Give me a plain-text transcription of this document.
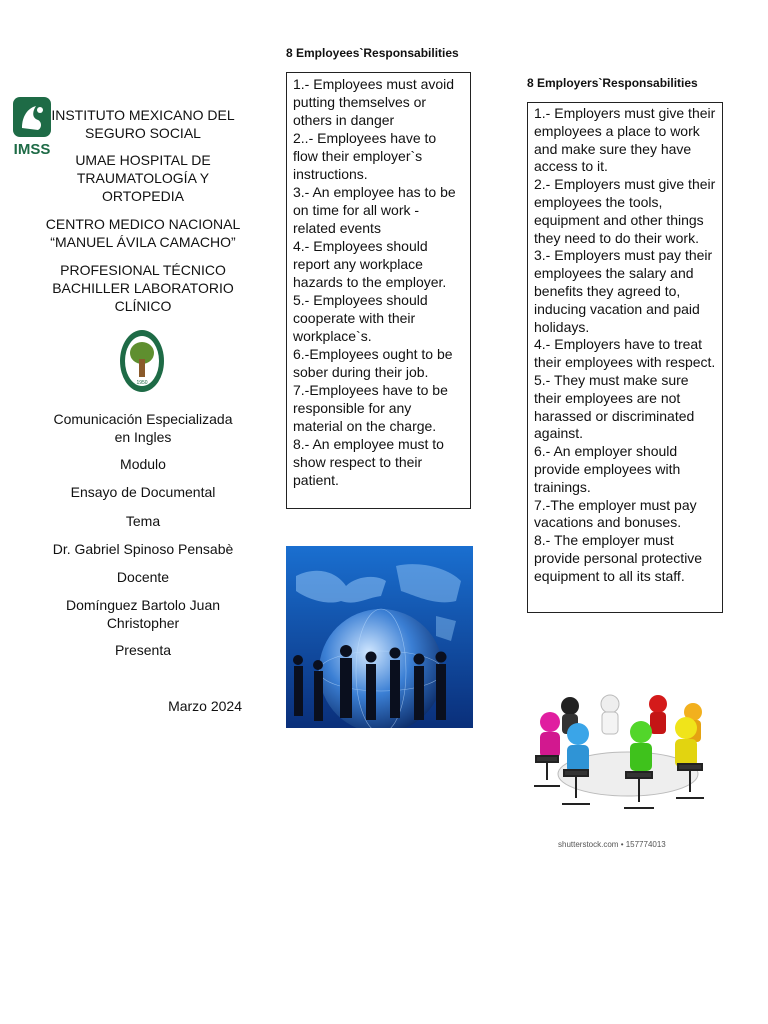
IMSS
INSTITUTO MEXICANO DEL SEGURO SOCIAL
UMAE HOSPITAL DE TRAUMATOLOGÍA Y ORTOPEDIA
CENTRO MEDICO NACIONAL “MANUEL ÁVILA CAMACHO”
PROFESIONAL TÉCNICO BACHILLER LABORATORIO CLÍNICO
1950
Comunicación Especializada en Ingles
Modulo
Ensayo de Documental
Tema
Dr. Gabriel Spinoso Pensabè
Docente
Domínguez Bartolo Juan Christopher
Presenta
Marzo 2024
8 Employees`Responsabilities
1.- Employees must avoid putting themselves or others in danger
2..- Employees have to flow their employer`s instructions.
3.- An employee has to be on time for all work - related events
4.- Employees should report any workplace hazards to the employer.
5.- Employees should cooperate with their workplace`s.
6.-Employees ought to be sober during their job.
7.-Employees have to be responsible for any material on the charge.
8.- An employee must to show respect to their patient.
8 Employers`Responsabilities
1.- Employers must give their employees a place to work and make sure they have access to it.
2.- Employers must give their employees the tools, equipment and other things they need to do their work.
3.- Employers must pay their employees the salary and benefits they agreed to, inducing vacation and paid holidays.
4.- Employers have to treat their employees with respect.
5.- They must make sure their employees are not harassed or discriminated against.
6.- An employer should provide employees with trainings.
7.-The employer must pay vacations and bonuses.
8.- The employer must provide personal protective equipment to all its staff.
shutterstock.com • 157774013
